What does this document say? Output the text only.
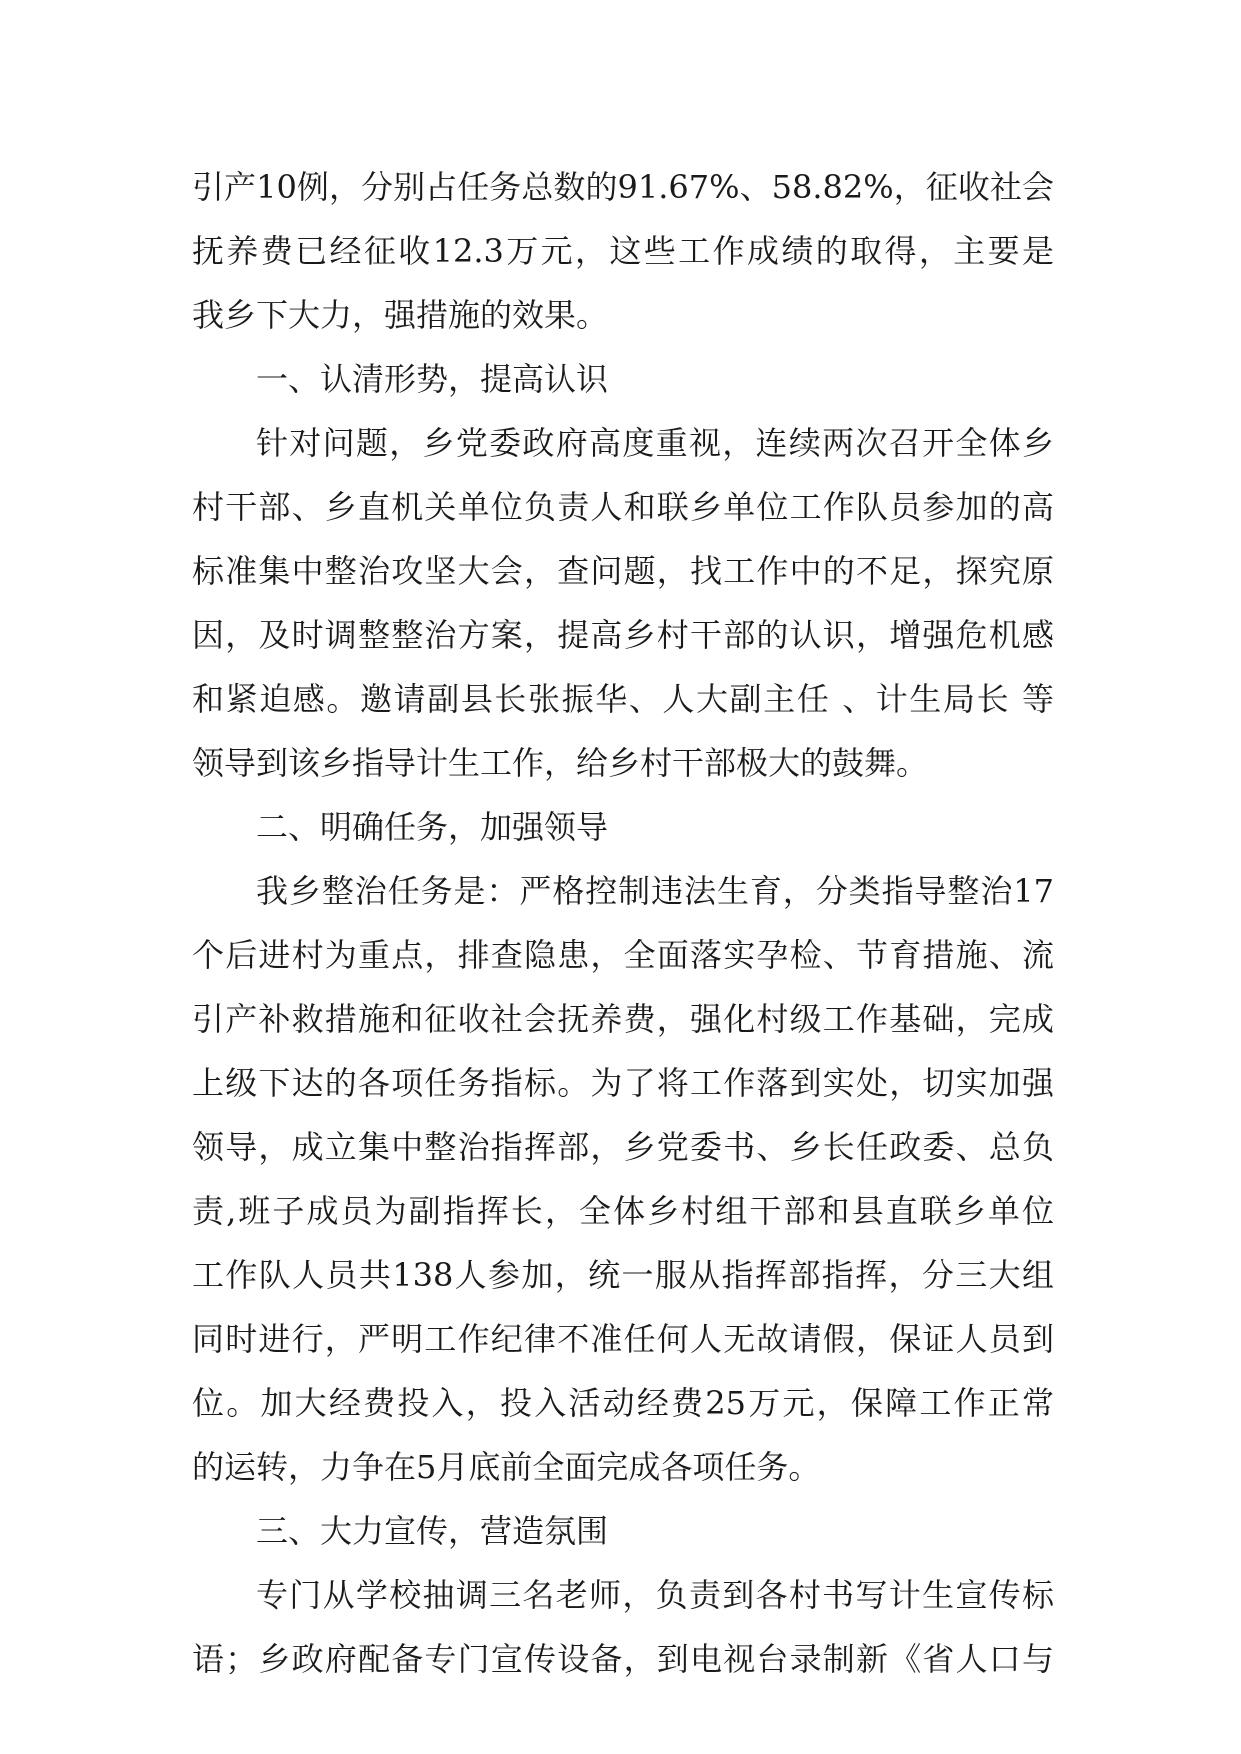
引产10例，分别占任务总数的91.67%、58.82%，征收社会
抚养费已经征收12.3万元，这些工作成绩的取得，主要是
我乡下大力，强措施的效果。
一、认清形势，提高认识
针对问题，乡党委政府高度重视，连续两次召开全体乡
村干部、乡直机关单位负责人和联乡单位工作队员参加的高
标准集中整治攻坚大会，查问题，找工作中的不足，探究原
因，及时调整整治方案，提高乡村干部的认识，增强危机感
和紧迫感。邀请副县长张振华、人大副主任 、计生局长 等
领导到该乡指导计生工作，给乡村干部极大的鼓舞。
二、明确任务，加强领导
我乡整治任务是：严格控制违法生育，分类指导整治17
个后进村为重点，排查隐患，全面落实孕检、节育措施、流
引产补救措施和征收社会抚养费，强化村级工作基础，完成
上级下达的各项任务指标。为了将工作落到实处，切实加强
领导，成立集中整治指挥部，乡党委书、乡长任政委、总负
责,班子成员为副指挥长，全体乡村组干部和县直联乡单位
工作队人员共138人参加，统一服从指挥部指挥，分三大组
同时进行，严明工作纪律不准任何人无故请假，保证人员到
位。加大经费投入，投入活动经费25万元，保障工作正常
的运转，力争在5月底前全面完成各项任务。
三、大力宣传，营造氛围
专门从学校抽调三名老师，负责到各村书写计生宣传标
语；乡政府配备专门宣传设备，到电视台录制新《省人口与
